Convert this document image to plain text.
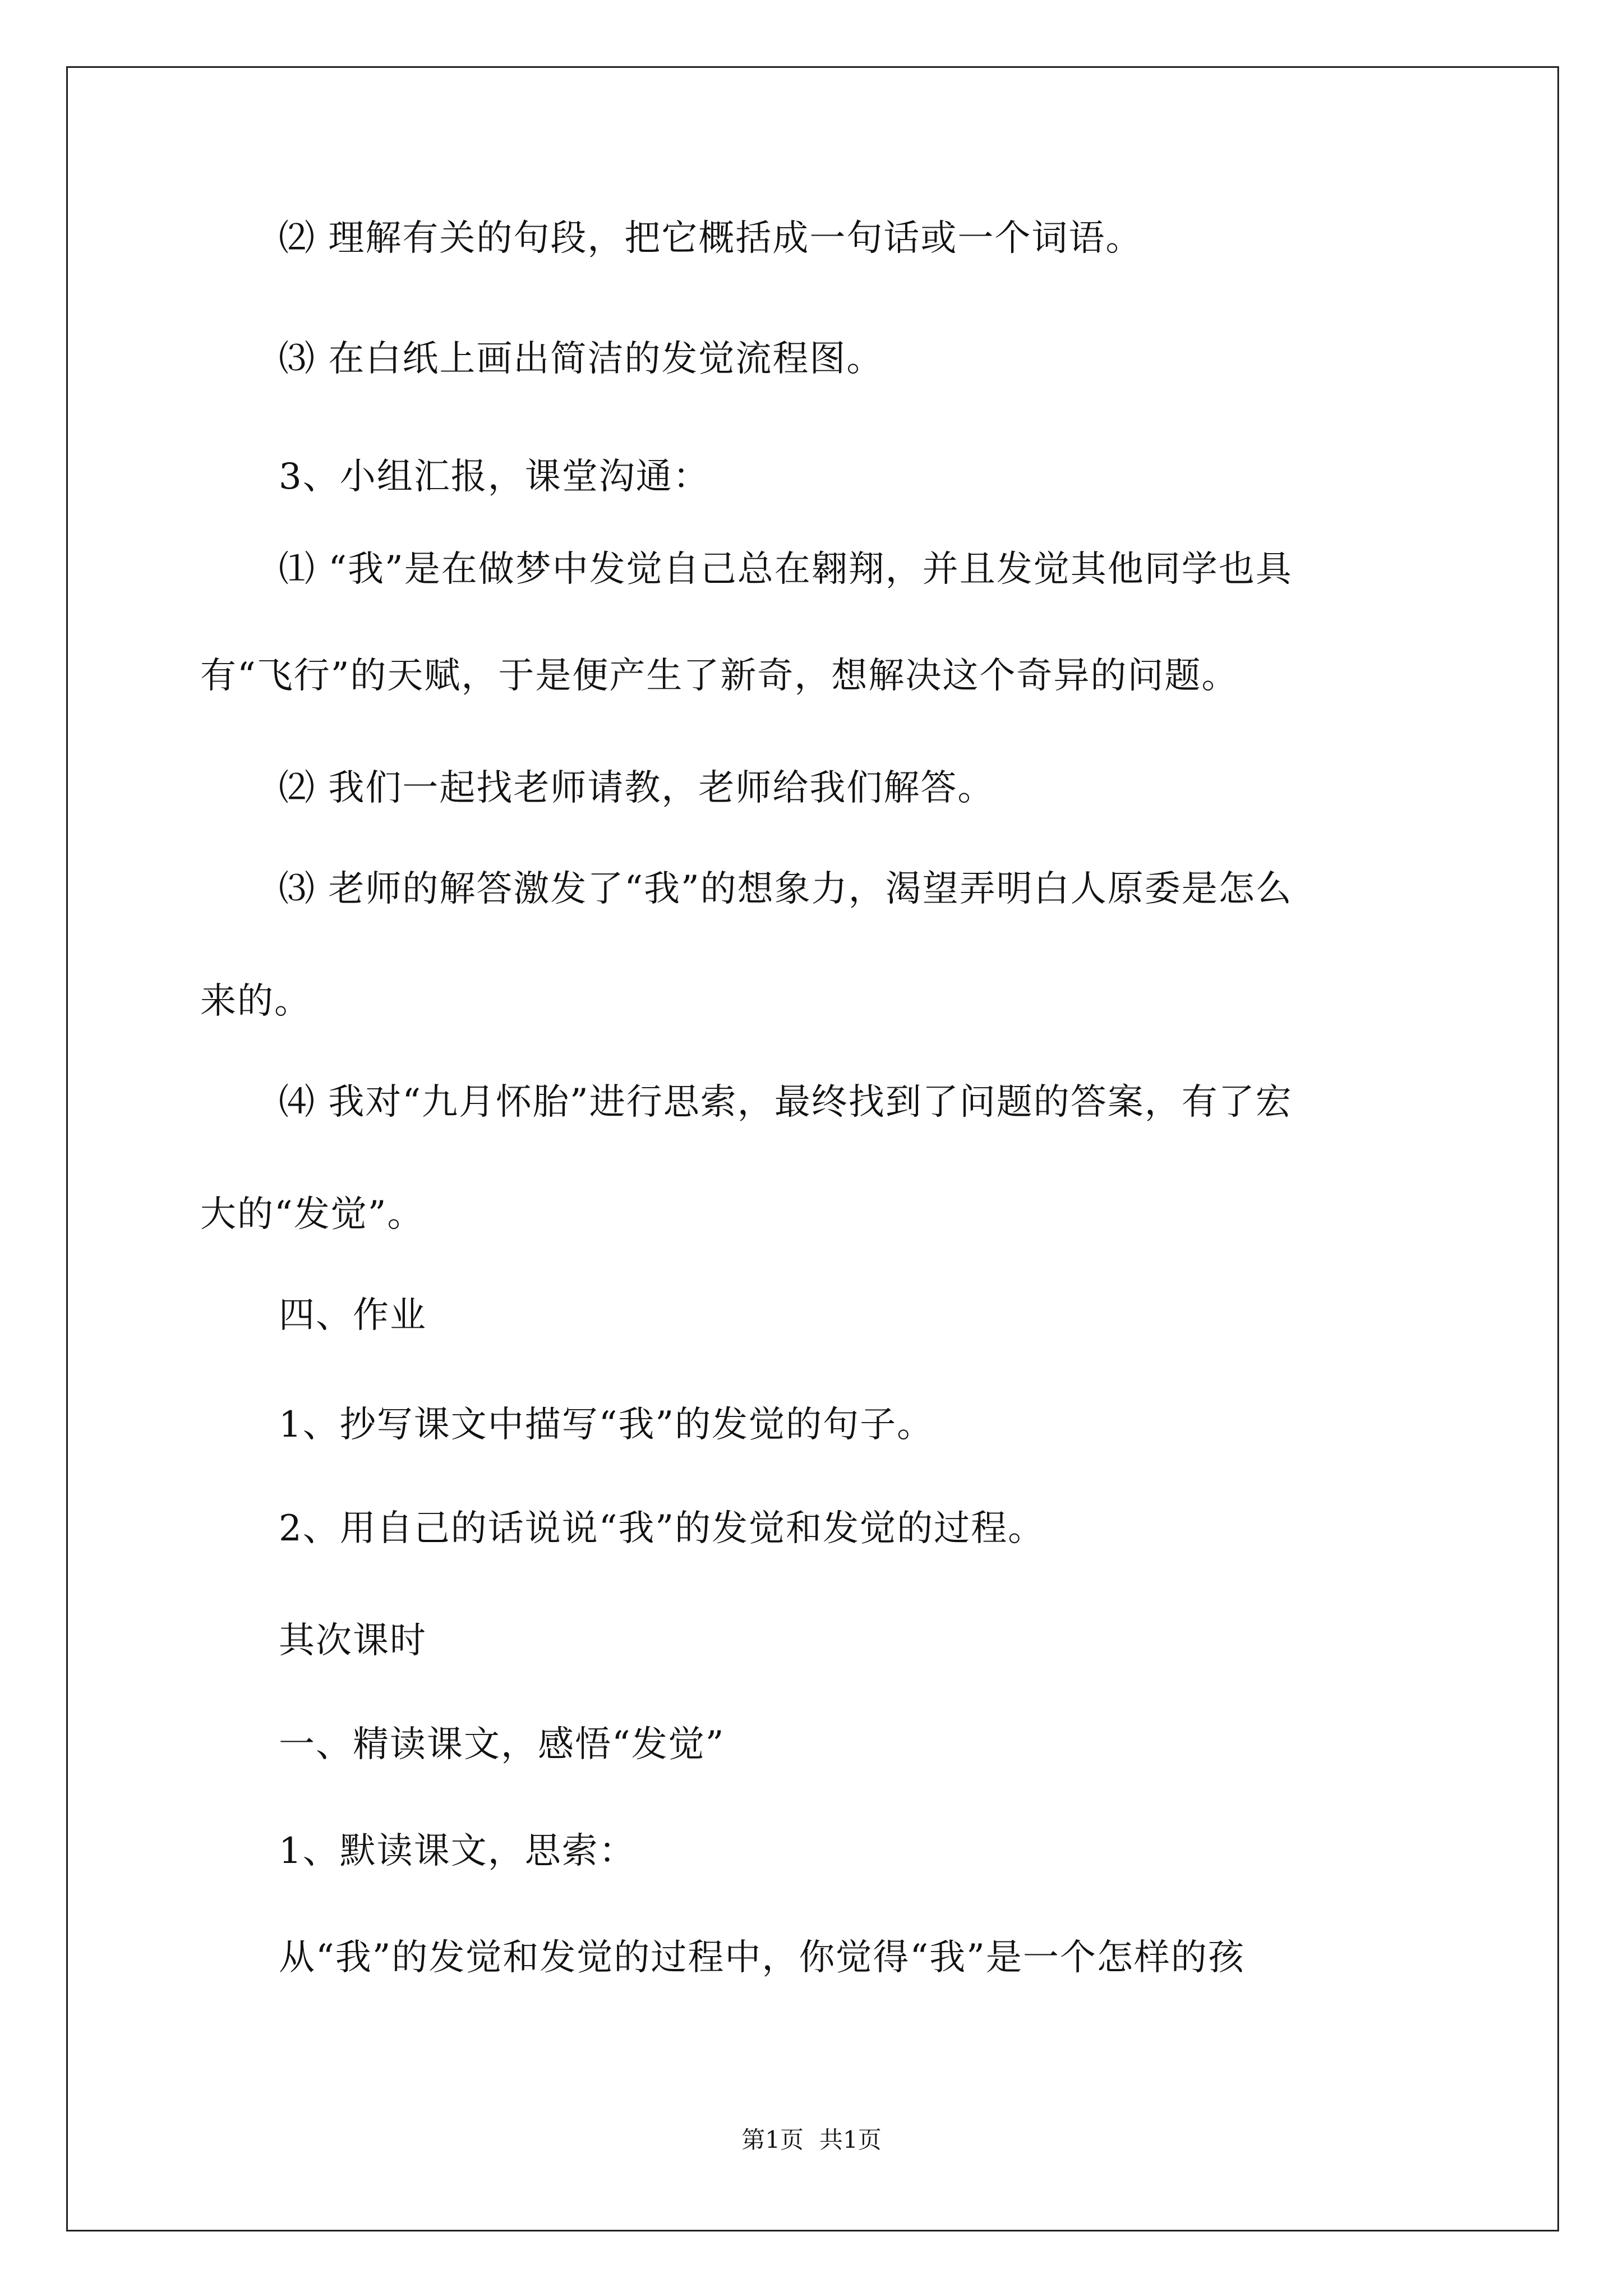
⑵ 理解有关的句段，把它概括成一句话或一个词语。
⑶ 在白纸上画出简洁的发觉流程图。
3、小组汇报，课堂沟通：
⑴ “我”是在做梦中发觉自己总在翱翔，并且发觉其他同学也具
有“飞行”的天赋，于是便产生了新奇，想解决这个奇异的问题。
⑵ 我们一起找老师请教，老师给我们解答。
⑶ 老师的解答激发了“我”的想象力，渴望弄明白人原委是怎么
来的。
⑷ 我对“九月怀胎”进行思索，最终找到了问题的答案，有了宏
大的“发觉”。
四、作业
1、抄写课文中描写“我”的发觉的句子。
2、用自己的话说说“我”的发觉和发觉的过程。
其次课时
一、精读课文，感悟“发觉”
1、默读课文，思索：
从“我”的发觉和发觉的过程中，你觉得“我”是一个怎样的孩
第1页 共1页
